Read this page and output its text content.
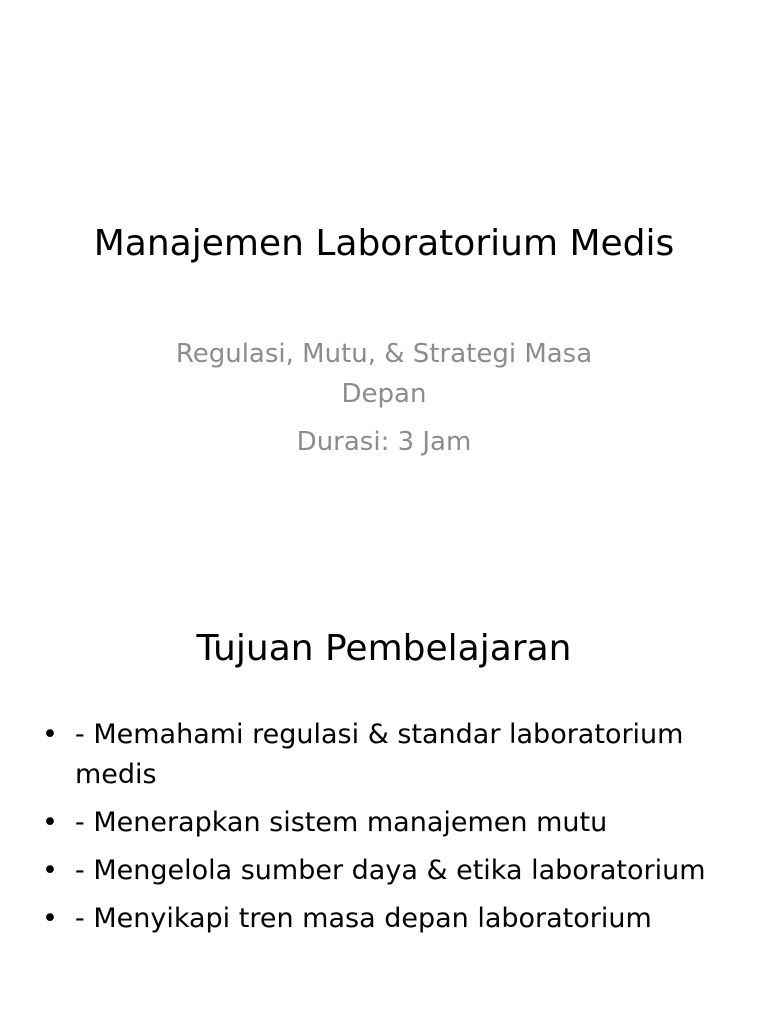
Manajemen Laboratorium Medis

Regulasi, Mutu, & Strategi Masa Depan

Durasi: 3 Jam

Tujuan Pembelajaran
• - Memahami regulasi & standar laboratorium medis
• - Menerapkan sistem manajemen mutu
• - Mengelola sumber daya & etika laboratorium
• - Menyikapi tren masa depan laboratorium
